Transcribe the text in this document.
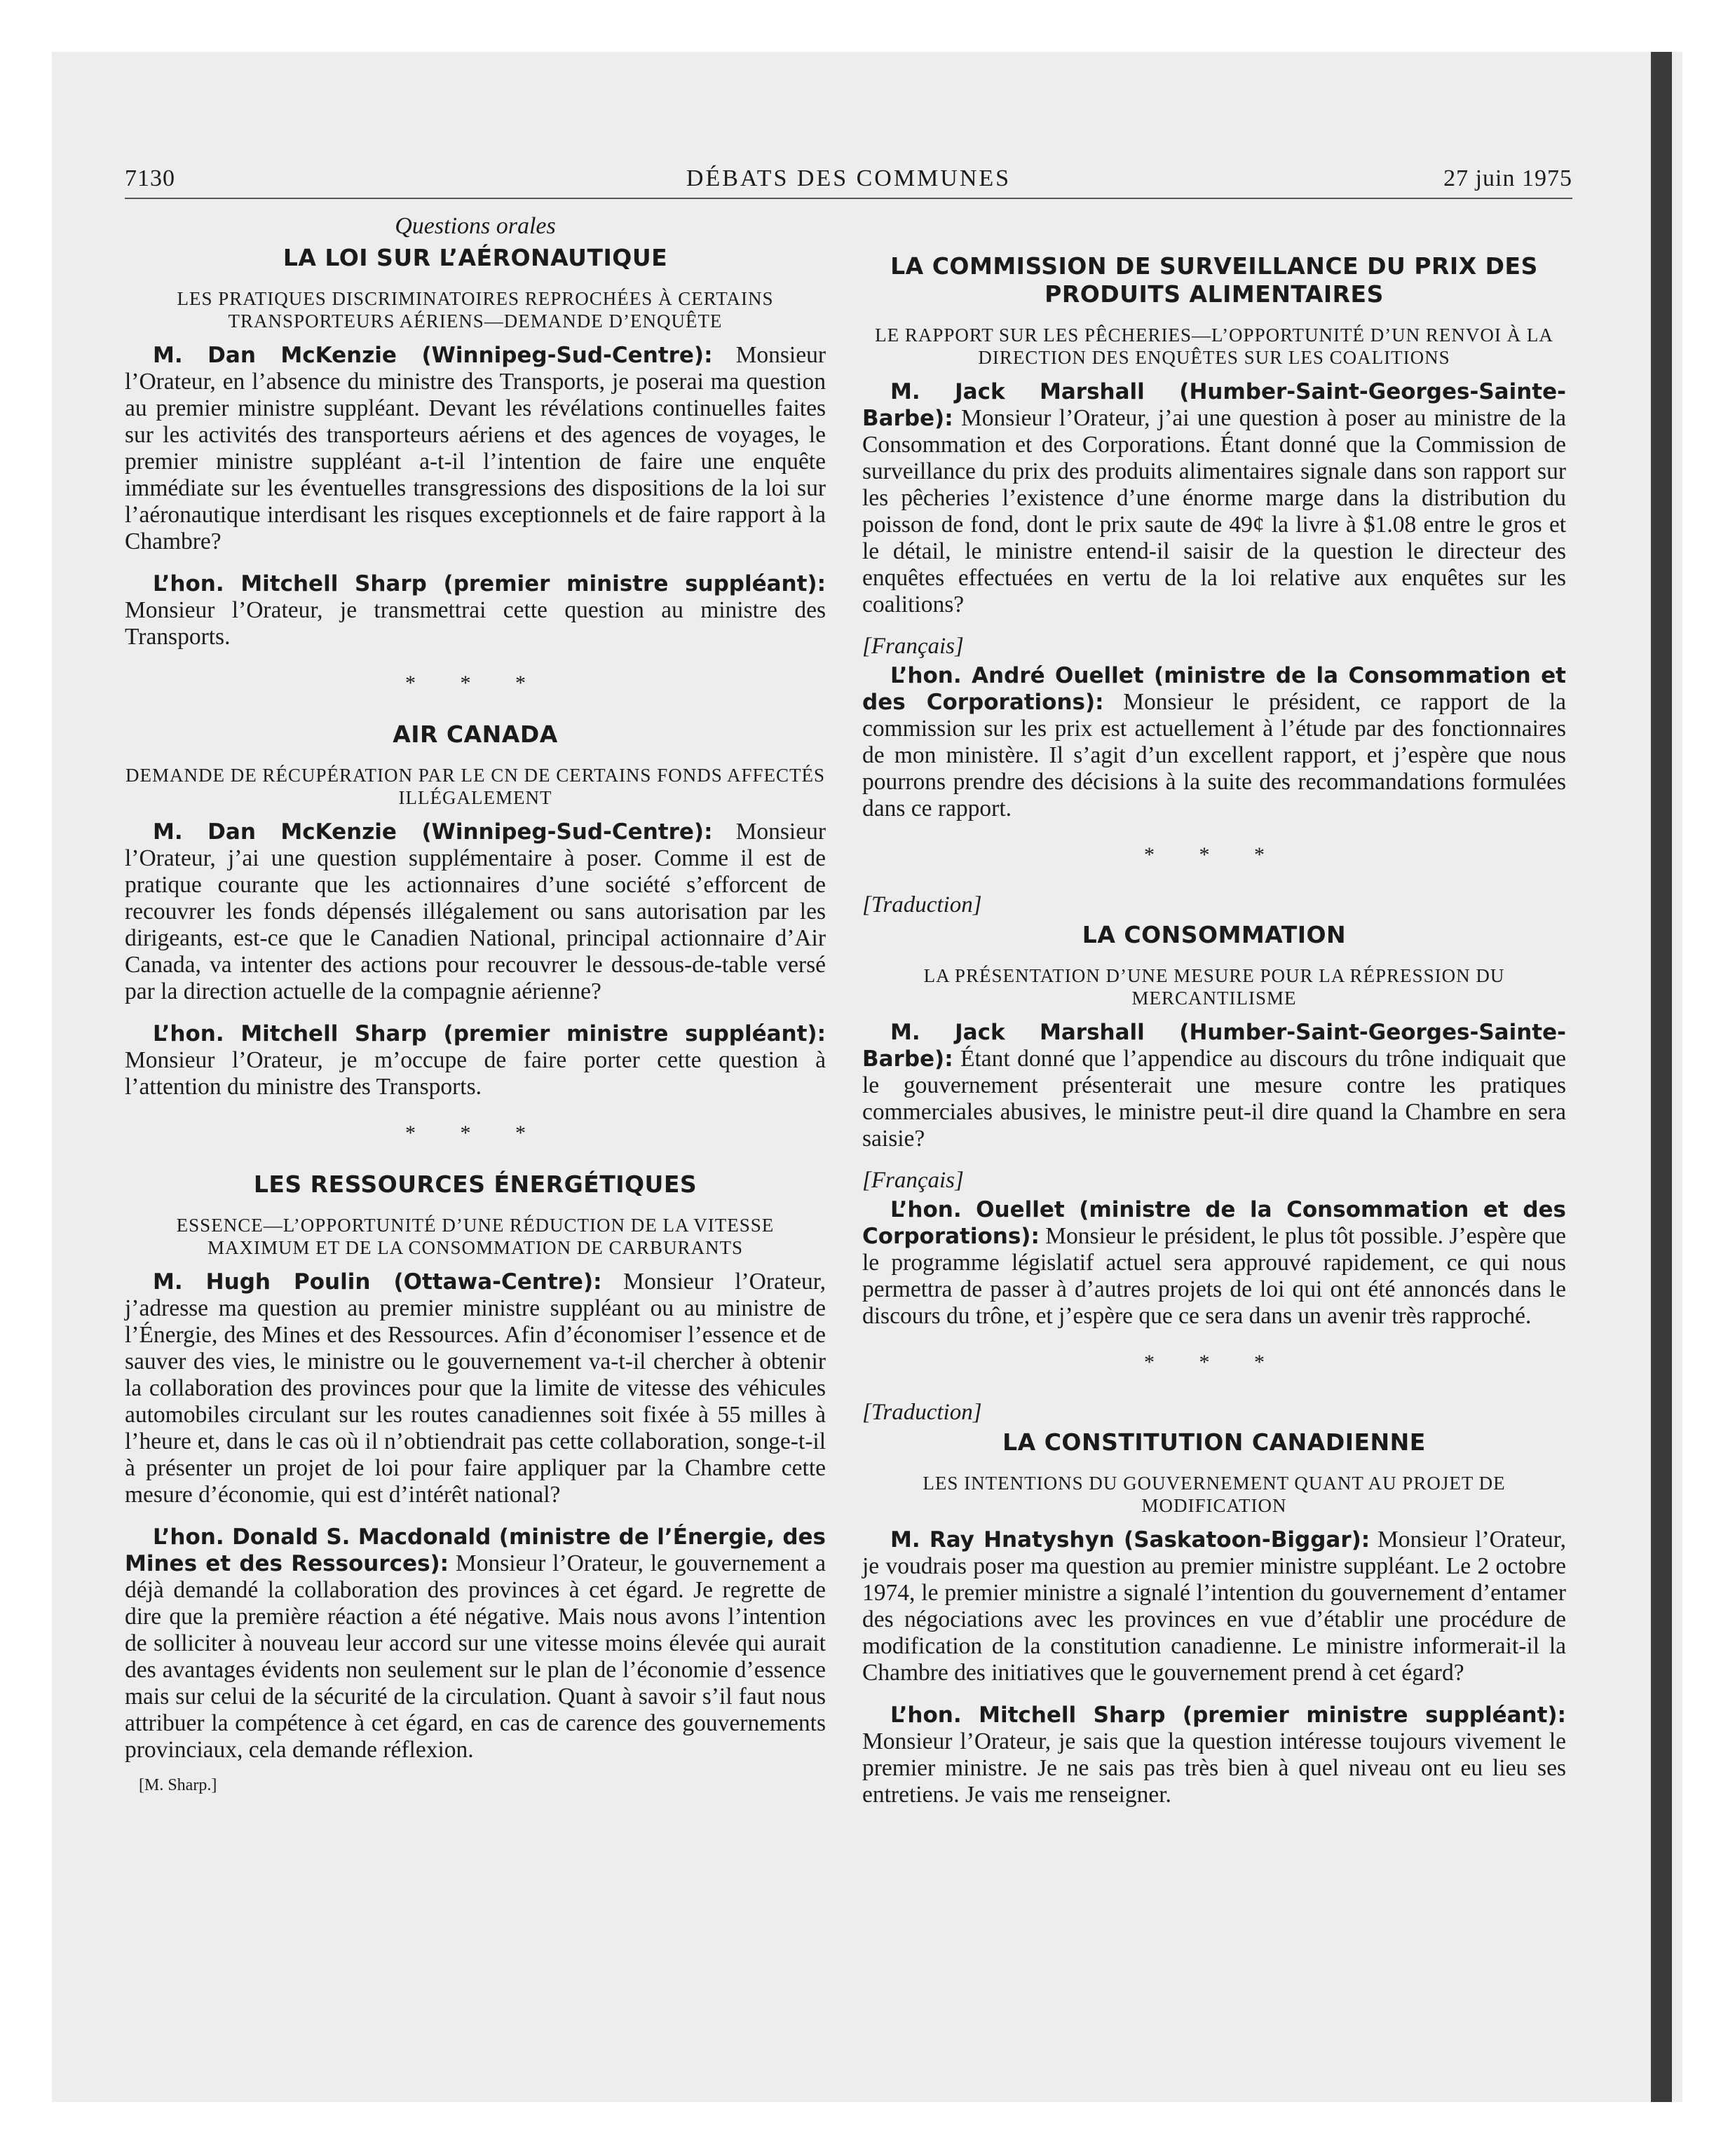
7130	DÉBATS DES COMMUNES	27 juin 1975
Questions orales
LA LOI SUR L’AÉRONAUTIQUE
LES PRATIQUES DISCRIMINATOIRES REPROCHÉES À CERTAINS TRANSPORTEURS AÉRIENS—DEMANDE D’ENQUÊTE

M. Dan McKenzie (Winnipeg-Sud-Centre): Monsieur l’Orateur, en l’absence du ministre des Transports, je poserai ma question au premier ministre suppléant. Devant les révélations continuelles faites sur les activités des transporteurs aériens et des agences de voyages, le premier ministre suppléant a-t-il l’intention de faire une enquête immédiate sur les éventuelles transgressions des dispositions de la loi sur l’aéronautique interdisant les risques exceptionnels et de faire rapport à la Chambre?

L’hon. Mitchell Sharp (premier ministre suppléant): Monsieur l’Orateur, je transmettrai cette question au ministre des Transports.

* * *
AIR CANADA
DEMANDE DE RÉCUPÉRATION PAR LE CN DE CERTAINS FONDS AFFECTÉS ILLÉGALEMENT

M. Dan McKenzie (Winnipeg-Sud-Centre): Monsieur l’Orateur, j’ai une question supplémentaire à poser. Comme il est de pratique courante que les actionnaires d’une société s’efforcent de recouvrer les fonds dépensés illégalement ou sans autorisation par les dirigeants, est-ce que le Canadien National, principal actionnaire d’Air Canada, va intenter des actions pour recouvrer le dessous-de-table versé par la direction actuelle de la compagnie aérienne?

L’hon. Mitchell Sharp (premier ministre suppléant): Monsieur l’Orateur, je m’occupe de faire porter cette question à l’attention du ministre des Transports.

* * *
LES RESSOURCES ÉNERGÉTIQUES
ESSENCE—L’OPPORTUNITÉ D’UNE RÉDUCTION DE LA VITESSE MAXIMUM ET DE LA CONSOMMATION DE CARBURANTS

M. Hugh Poulin (Ottawa-Centre): Monsieur l’Orateur, j’adresse ma question au premier ministre suppléant ou au ministre de l’Énergie, des Mines et des Ressources. Afin d’économiser l’essence et de sauver des vies, le ministre ou le gouvernement va-t-il chercher à obtenir la collaboration des provinces pour que la limite de vitesse des véhicules automobiles circulant sur les routes canadiennes soit fixée à 55 milles à l’heure et, dans le cas où il n’obtiendrait pas cette collaboration, songe-t-il à présenter un projet de loi pour faire appliquer par la Chambre cette mesure d’économie, qui est d’intérêt national?

L’hon. Donald S. Macdonald (ministre de l’Énergie, des Mines et des Ressources): Monsieur l’Orateur, le gouvernement a déjà demandé la collaboration des provinces à cet égard. Je regrette de dire que la première réaction a été négative. Mais nous avons l’intention de solliciter à nouveau leur accord sur une vitesse moins élevée qui aurait des avantages évidents non seulement sur le plan de l’économie d’essence mais sur celui de la sécurité de la circulation. Quant à savoir s’il faut nous attribuer la compétence à cet égard, en cas de carence des gouvernements provinciaux, cela demande réflexion.

[M. Sharp.]
LA COMMISSION DE SURVEILLANCE DU PRIX DES PRODUITS ALIMENTAIRES
LE RAPPORT SUR LES PÊCHERIES—L’OPPORTUNITÉ D’UN RENVOI À LA DIRECTION DES ENQUÊTES SUR LES COALITIONS

M. Jack Marshall (Humber-Saint-Georges-Sainte-Barbe): Monsieur l’Orateur, j’ai une question à poser au ministre de la Consommation et des Corporations. Étant donné que la Commission de surveillance du prix des produits alimentaires signale dans son rapport sur les pêcheries l’existence d’une énorme marge dans la distribution du poisson de fond, dont le prix saute de 49¢ la livre à $1.08 entre le gros et le détail, le ministre entend-il saisir de la question le directeur des enquêtes effectuées en vertu de la loi relative aux enquêtes sur les coalitions?

[Français]

L’hon. André Ouellet (ministre de la Consommation et des Corporations): Monsieur le président, ce rapport de la commission sur les prix est actuellement à l’étude par des fonctionnaires de mon ministère. Il s’agit d’un excellent rapport, et j’espère que nous pourrons prendre des décisions à la suite des recommandations formulées dans ce rapport.

* * *
[Traduction]
LA CONSOMMATION
LA PRÉSENTATION D’UNE MESURE POUR LA RÉPRESSION DU MERCANTILISME

M. Jack Marshall (Humber-Saint-Georges-Sainte-Barbe): Étant donné que l’appendice au discours du trône indiquait que le gouvernement présenterait une mesure contre les pratiques commerciales abusives, le ministre peut-il dire quand la Chambre en sera saisie?

[Français]

L’hon. Ouellet (ministre de la Consommation et des Corporations): Monsieur le président, le plus tôt possible. J’espère que le programme législatif actuel sera approuvé rapidement, ce qui nous permettra de passer à d’autres projets de loi qui ont été annoncés dans le discours du trône, et j’espère que ce sera dans un avenir très rapproché.

* * *
[Traduction]
LA CONSTITUTION CANADIENNE
LES INTENTIONS DU GOUVERNEMENT QUANT AU PROJET DE MODIFICATION

M. Ray Hnatyshyn (Saskatoon-Biggar): Monsieur l’Orateur, je voudrais poser ma question au premier ministre suppléant. Le 2 octobre 1974, le premier ministre a signalé l’intention du gouvernement d’entamer des négociations avec les provinces en vue d’établir une procédure de modification de la constitution canadienne. Le ministre informerait-il la Chambre des initiatives que le gouvernement prend à cet égard?

L’hon. Mitchell Sharp (premier ministre suppléant): Monsieur l’Orateur, je sais que la question intéresse toujours vivement le premier ministre. Je ne sais pas très bien à quel niveau ont eu lieu ses entretiens. Je vais me renseigner.
